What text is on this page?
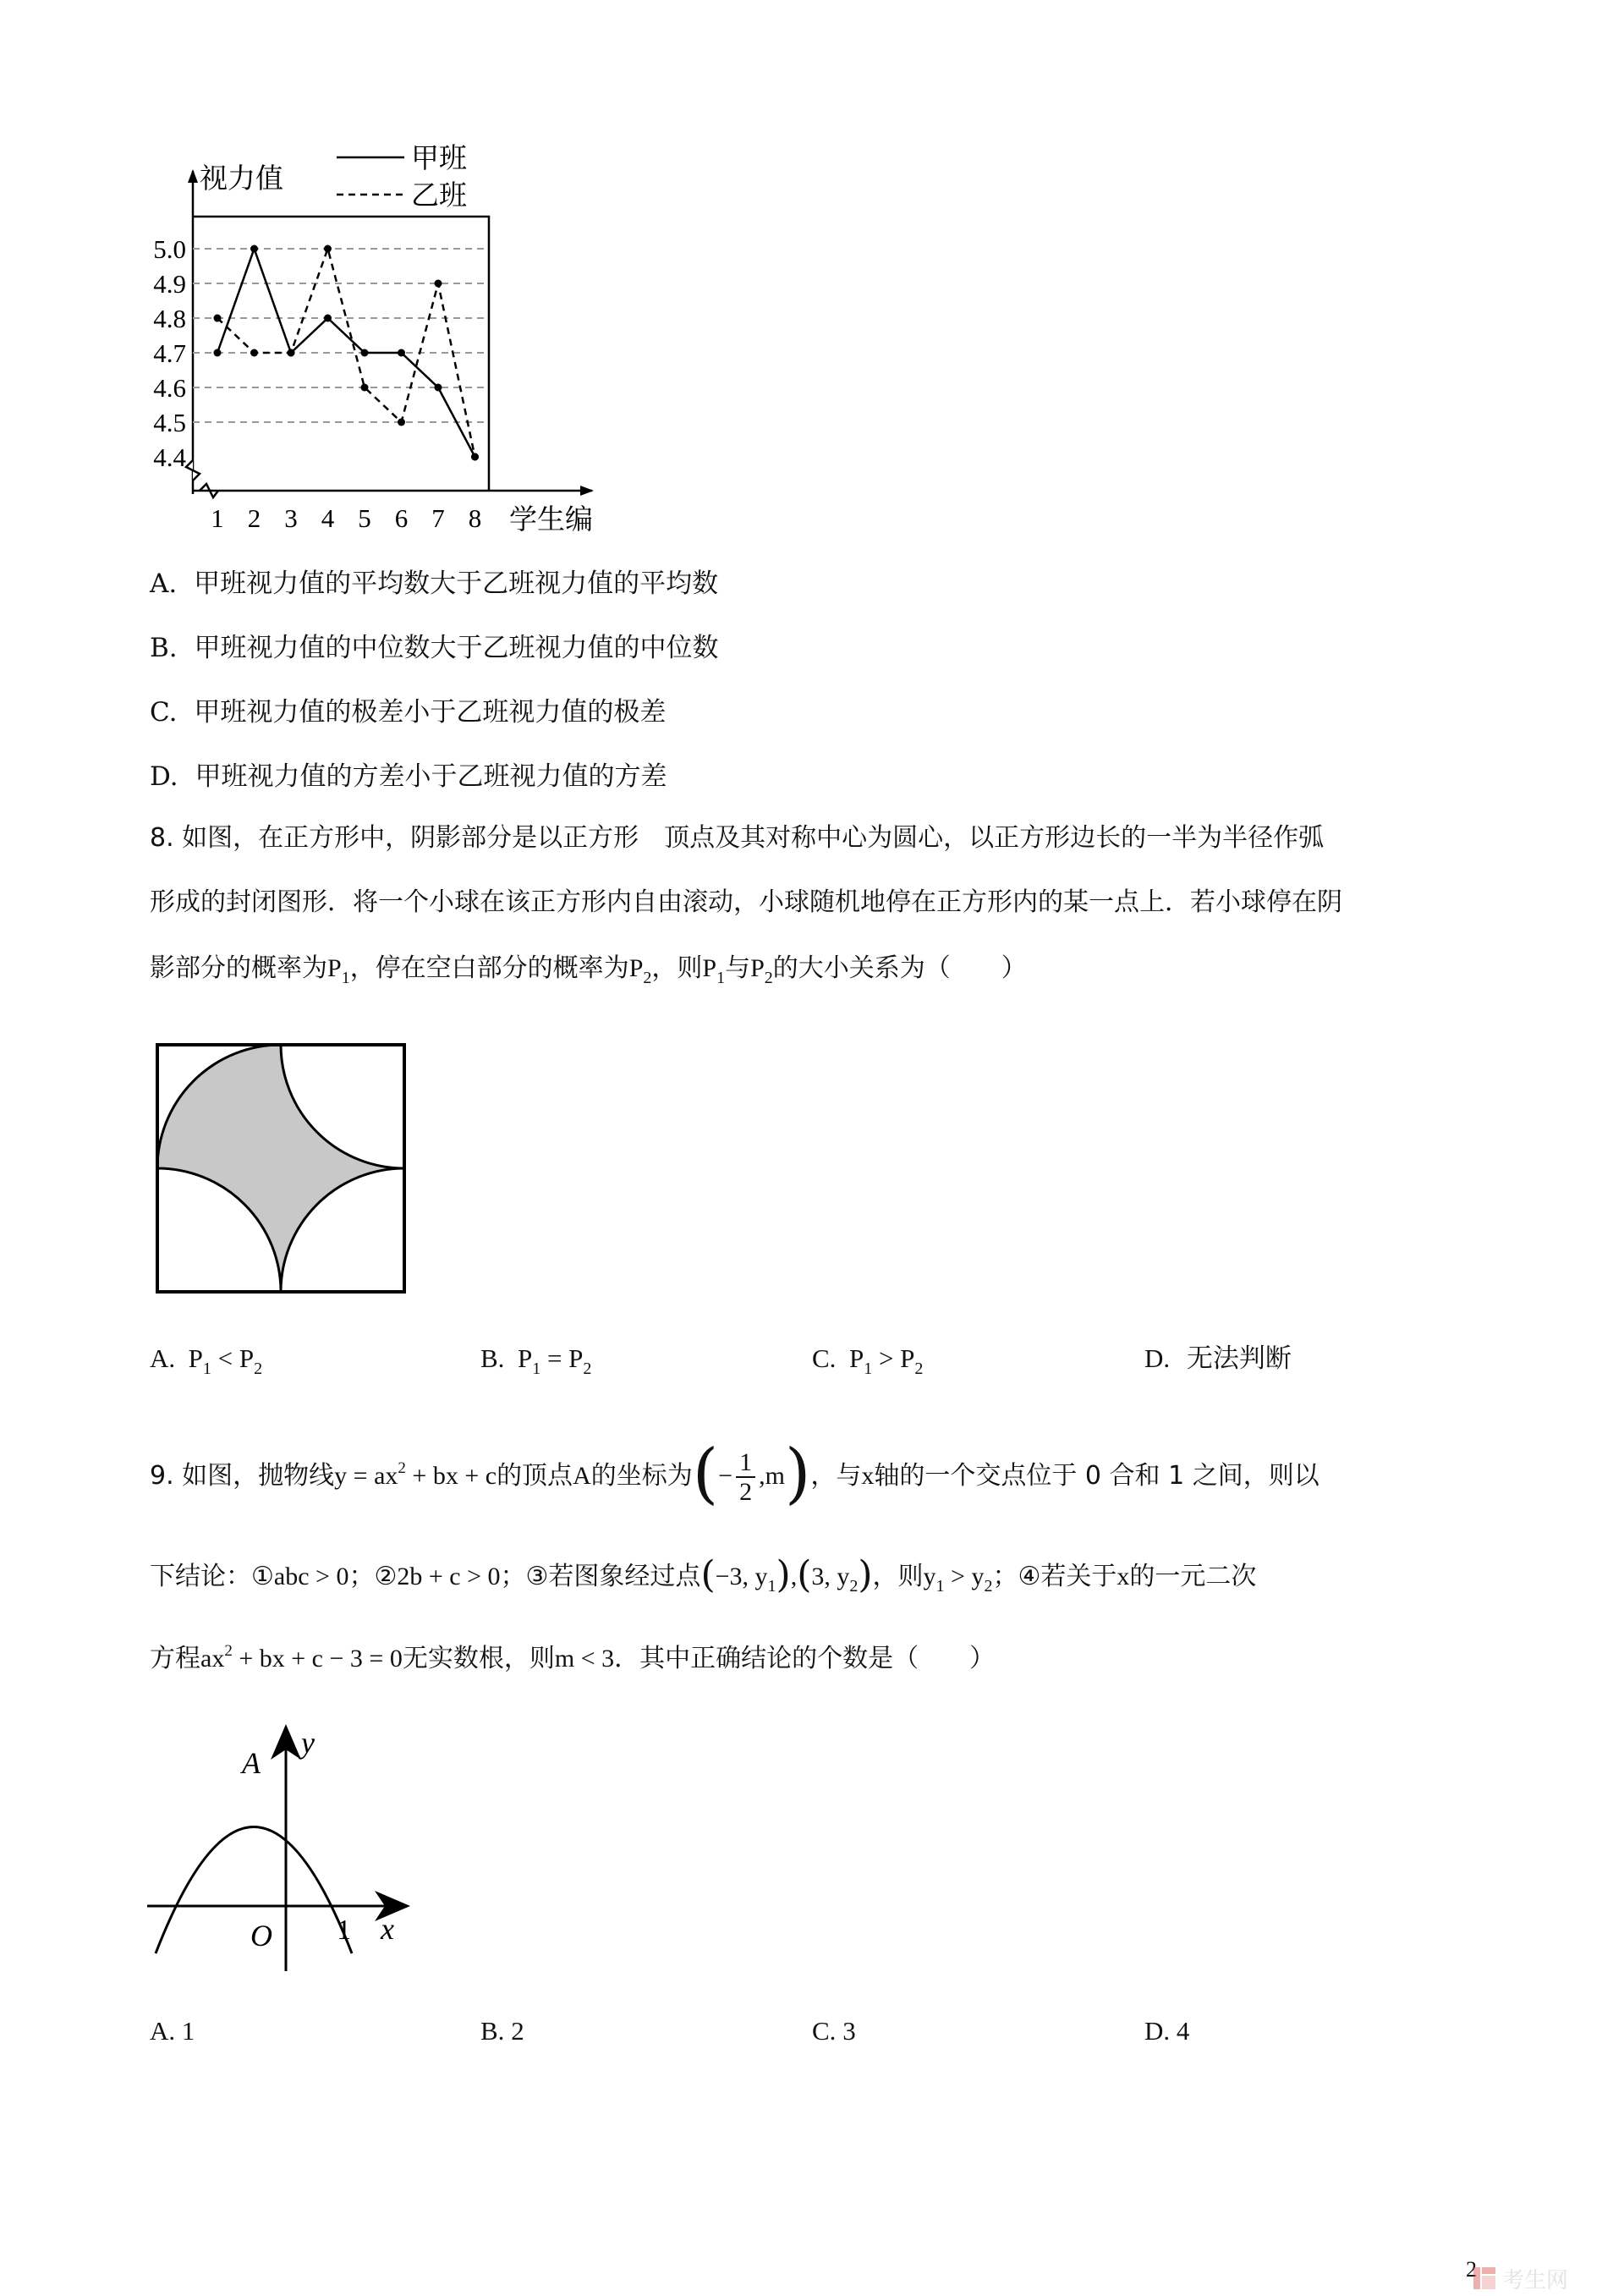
4.4
4.5
4.6
4.7
4.8
4.9
5.0
1 2 3 4 5 6 7 8
视力值
学生编
甲班
乙班
A. 甲班视力值的平均数大于乙班视力值的平均数
B. 甲班视力值的中位数大于乙班视力值的中位数
C. 甲班视力值的极差小于乙班视力值的极差
D. 甲班视力值的方差小于乙班视力值的方差
8. 如图，在正方形中，阴影部分是以正方形　顶点及其对称中心为圆心，以正方形边长的一半为半径作弧
形成的封闭图形．将一个小球在该正方形内自由滚动，小球随机地停在正方形内的某一点上．若小球停在阴
影部分的概率为$P_1$，停在空白部分的概率为$P_2$，则$P_1$与$P_2$的大小关系为（　　）
A. $P_1 < P_2$	B. $P_1 = P_2$	C. $P_1 > P_2$	D. 无法判断
9. 如图，抛物线$y = ax^2$ + bx + c的顶点A的坐标为(− $\frac{1}{2} ,m$)，与x轴的一个交点位于 0 合和 1 之间，则以
下结论：①abc > 0；②2b + c > 0；③若图象经过点(−3, $y_1),(3$, $y_2$)，则$y_1 > y_2$；④若关于x的一元二次
方程$ax^2$ + bx + c − 3 = 0无实数根，则m < 3．其中正确结论的个数是（　　）
A
y
O 1 x
A. 1	B. 2	C. 3	D. 4
2 考生网
